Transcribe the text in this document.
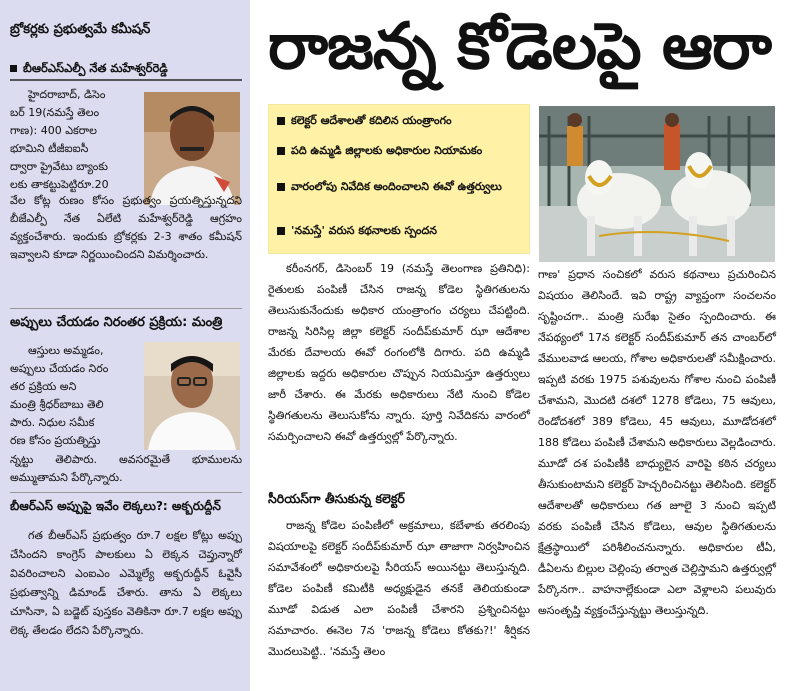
బ్రోకర్లకు ప్రభుత్వమే కమీషన్
బీఆర్‌ఎస్‌ఎల్పీ నేత మహేశ్వర్‌రెడ్డి

హైదరాబాద్‌, డిసెం

బర్‌ 19(నమస్తే తెలం

గాణ): 400 ఎకరాల

భూమిని టీజీఐఐసీ

ద్వారా ప్రైవేటు బ్యాంకు

లకు తాకట్టుపెట్టిరూ.20

వేల కోట్ల రుణం కోసం ప్రభుత్వం ప్రయత్నిస్తున్నదని బీజేఎల్పీ నేత ఏలేటి మహేశ్వర్‌రెడ్డి ఆగ్రహం వ్యక్తంచేశారు. ఇందుకు బ్రోకర్లకు 2-3 శాతం కమీషన్‌ ఇవ్వాలని కూడా నిర్ణయించిందని విమర్శించారు.

అప్పులు చేయడం నిరంతర ప్రక్రియ: మంత్రి

ఆస్తులు అమ్మడం,

అప్పులు చేయడం నిరం

తర ప్రక్రియ అని

మంత్రి శ్రీధర్‌బాబు తెలి

పారు. నిధుల సమీక

రణ కోసం ప్రయత్నిస్తు

న్నట్టు తెలిపారు. అవసరమైతే భూములను అమ్ముతామని పేర్కొన్నారు.

బీఆర్‌ఎస్‌ అప్పుపై ఇవేం లెక్కలు?: అక్బరుద్దీన్‌

గత బీఆర్‌ఎస్‌ ప్రభుత్వం రూ.7 లక్షల కోట్లు అప్పు చేసిందని కాంగ్రెస్‌ పాలకులు ఏ లెక్కన చెప్తున్నారో వివరించాలని ఎంఐఎం ఎమ్మెల్యే అక్బరుద్దీన్‌ ఓవైసీ ప్రభుత్వాన్ని డిమాండ్‌ చేశారు. తాను ఏ లెక్కలు చూసినా, ఏ బడ్జెట్‌ పుస్తకం వెతికినా రూ.7 లక్షల అప్పు లెక్క తేలడం లేదని పేర్కొన్నారు.

రాజన్న కోడెలపై ఆరా
కలెక్టర్‌ ఆదేశాలతో కదిలిన యంత్రాంగం
పది ఉమ్మడి జిల్లాలకు అధికారుల నియామకం
వారంలోపు నివేదిక అందించాలని ఈవో ఉత్తర్వులు
'నమస్తే' వరుస కథనాలకు స్పందన

కరీంనగర్‌, డిసెంబర్‌ 19 (నమస్తే తెలంగాణ ప్రతినిధి): రైతులకు పంపిణీ చేసిన రాజన్న కోడెల స్థితిగతులను తెలుసుకునేందుకు అధికార యంత్రాంగం చర్యలు చేపట్టింది. రాజన్న సిరిసిల్ల జిల్లా కలెక్టర్‌ సందీప్‌కుమార్‌ ఝా ఆదేశాల మేరకు దేవాలయ ఈవో రంగంలోకి దిగారు. పది ఉమ్మడి జిల్లాలకు ఇద్దరు అధికారుల చొప్పున నియమిస్తూ ఉత్తర్వులు జారీ చేశారు. ఈ మేరకు అధికారులు నేటి నుంచి కోడెల స్థితిగతులను తెలుసుకోను న్నారు. పూర్తి నివేదికను వారంలో సమర్పించాలని ఈవో ఉత్తర్వుల్లో పేర్కొన్నారు.

సీరియస్‌గా తీసుకున్న కలెక్టర్‌

రాజన్న కోడెల పంపిణీలో అక్రమాలు, కబేళాకు తరలింపు విషయాలపై కలెక్టర్‌ సందీప్‌కుమార్‌ ఝా తాజాగా నిర్వహించిన సమావేశంలో అధికారులపై సీరియస్‌ అయినట్టు తెలుస్తున్నది. కోడెల పంపిణీ కమిటీకి అధ్యక్షుడైన తనకే తెలియకుండా మూడో విడుత ఎలా పంపిణీ చేశారని ప్రశ్నించినట్టు సమాచారం. ఈనెల 7న 'రాజన్న కోడెలు కోతకు?!' శీర్షికన మొదలుపెట్టి.. 'నమస్తే తెలం

గాణ' ప్రధాన సంచికలో వరుస కథనాలు ప్రచురించిన విషయం తెలిసిందే. ఇవి రాష్ట్ర వ్యాప్తంగా సంచలనం సృష్టించగా.. మంత్రి సురేఖ సైతం స్పందించారు. ఈ నేపథ్యంలో 17న కలెక్టర్‌ సందీప్‌కుమార్‌ తన చాంబర్‌లో వేములవాడ ఆలయ, గోశాల అధికారులతో సమీక్షించారు. ఇప్పటి వరకు 1975 పశువులను గోశాల నుంచి పంపిణీ చేశామని, మొదటి దశలో 1278 కోడెలు, 75 ఆవులు, రెండోదశలో 389 కోడెలు, 45 ఆవులు, మూడోదశలో 188 కోడెలు పంపిణీ చేశామని అధికారులు వెల్లడించారు. మూడో దశ పంపిణీకి బాధ్యులైన వారిపై కఠిన చర్యలు తీసుకుంటామని కలెక్టర్‌ హెచ్చరించినట్టు తెలిసింది. కలెక్టర్‌ ఆదేశాలతో అధికారులు గత జూలై 3 నుంచి ఇప్పటి వరకు పంపిణీ చేసిన కోడెలు, ఆవుల స్థితిగతులను క్షేత్రస్థాయిలో పరిశీలించనున్నారు. అధికారుల టీఏ, డీఏలను బిల్లుల చెల్లింపు తర్వాత చెల్లిస్తామని ఉత్తర్వుల్లో పేర్కొనగా.. వాహనాల్లేకుండా ఎలా వెళ్లాలని పలువురు అసంతృప్తి వ్యక్తంచేస్తున్నట్టు తెలుస్తున్నది.
